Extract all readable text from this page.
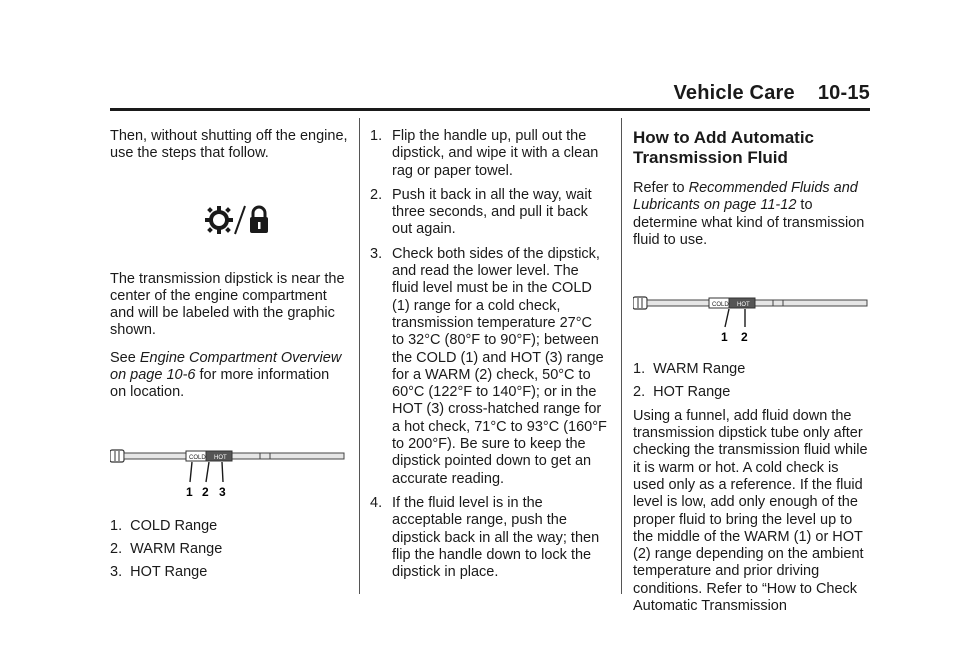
Vehicle Care    10-15

Then, without shutting off the engine, use the steps that follow.

The transmission dipstick is near the center of the engine compartment and will be labeled with the graphic shown.

See Engine Compartment Overview on page 10-6 for more information on location.

COLD HOT
1 2 3
1. COLD Range
2. WARM Range
3. HOT Range
1. Flip the handle up, pull out the dipstick, and wipe it with a clean rag or paper towel.
2. Push it back in all the way, wait three seconds, and pull it back out again.
3. Check both sides of the dipstick, and read the lower level. The fluid level must be in the COLD (1) range for a cold check, transmission temperature 27°C to 32°C (80°F to 90°F); between the COLD (1) and HOT (3) range for a WARM (2) check, 50°C to 60°C (122°F to 140°F); or in the HOT (3) cross-hatched range for a hot check, 71°C to 93°C (160°F to 200°F). Be sure to keep the dipstick pointed down to get an accurate reading.
4. If the fluid level is in the acceptable range, push the dipstick back in all the way; then flip the handle down to lock the dipstick in place.
How to Add Automatic Transmission Fluid

Refer to Recommended Fluids and Lubricants on page 11-12 to determine what kind of transmission fluid to use.

COLD HOT
1 2
1. WARM Range
2. HOT Range

Using a funnel, add fluid down the transmission dipstick tube only after checking the transmission fluid while it is warm or hot. A cold check is used only as a reference. If the fluid level is low, add only enough of the proper fluid to bring the level up to the middle of the WARM (1) or HOT (2) range depending on the ambient temperature and prior driving conditions. Refer to “How to Check Automatic Transmission
